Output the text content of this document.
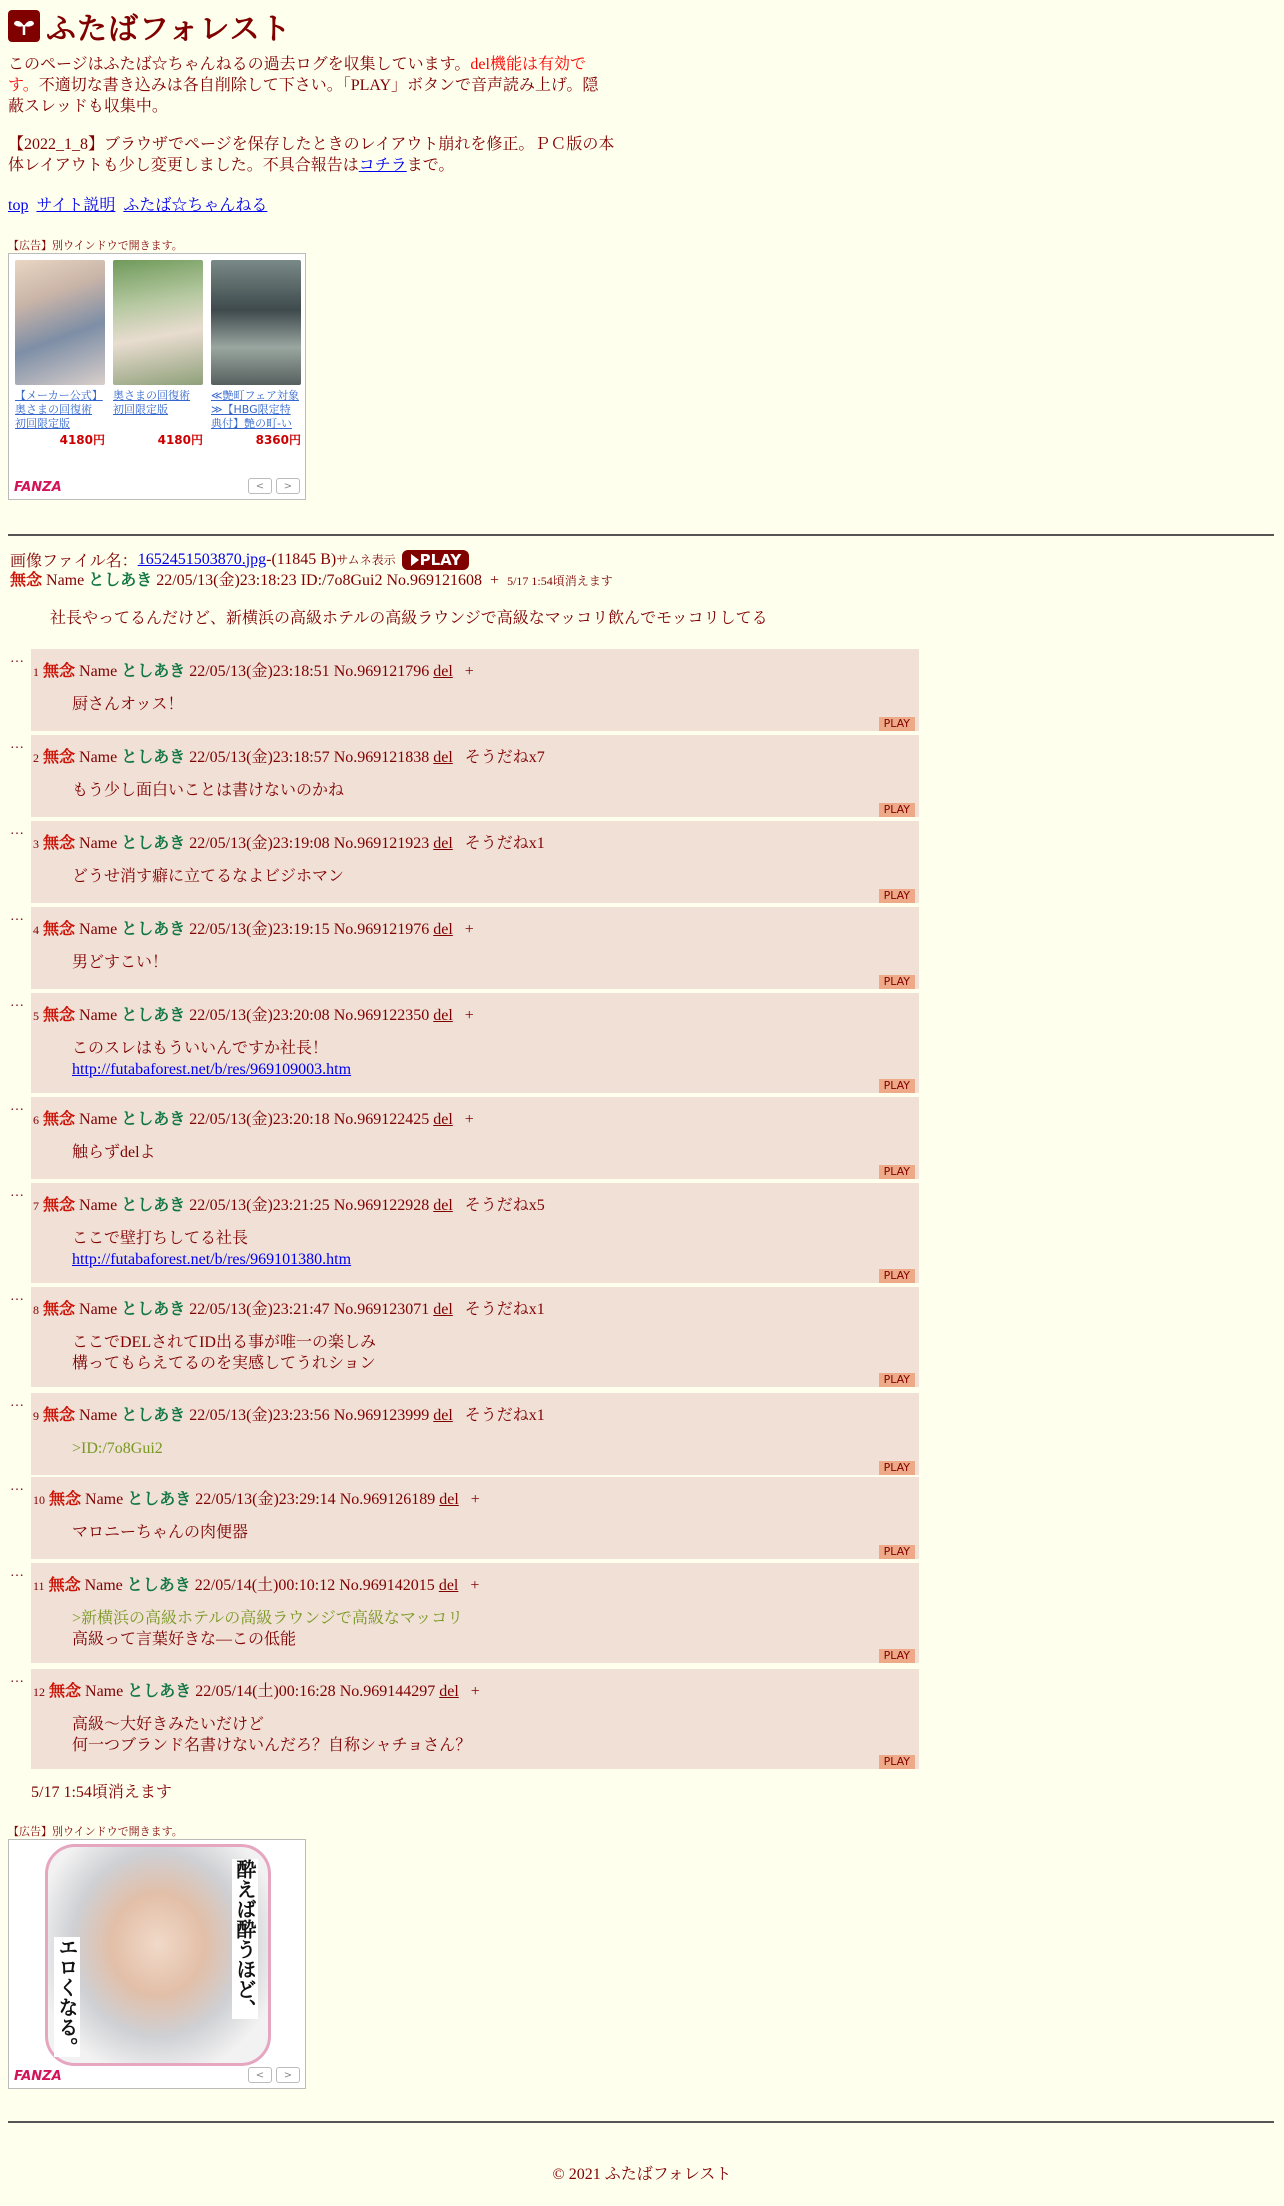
ふたばフォレスト
このページはふたば☆ちゃんねるの過去ログを収集しています。del機能は有効です。不適切な書き込みは各自削除して下さい。「PLAY」ボタンで音声読み上げ。隠蔽スレッドも収集中。
【2022_1_8】ブラウザでページを保存したときのレイアウト崩れを修正。ＰＣ版の本体レイアウトも少し変更しました。不具合報告はコチラまで。
top サイト説明 ふたば☆ちゃんねる
【広告】別ウインドウで開きます。
【メーカー公式】奥さまの回復術 初回限定版
4180円
奥さまの回復術 初回限定版
4180円
≪艶町フェア対象≫【HBG限定特典付】艶の町-い
8360円
FANZA	<	>
画像ファイル名： 1652451503870.jpg -(11845 B) サムネ表示 PLAY
無念 Name としあき 22/05/13(金)23:18:23 ID:/7o8Gui2 No.969121608 + 5/17 1:54頃消えます
社長やってるんだけど、新横浜の高級ホテルの高級ラウンジで高級なマッコリ飲んでモッコリしてる
…
1 無念 Name としあき 22/05/13(金)23:18:51 No.969121796 del +
厨さんオッス！
PLAY
…
2 無念 Name としあき 22/05/13(金)23:18:57 No.969121838 del そうだねx7
もう少し面白いことは書けないのかね
PLAY
…
3 無念 Name としあき 22/05/13(金)23:19:08 No.969121923 del そうだねx1
どうせ消す癖に立てるなよビジホマン
PLAY
…
4 無念 Name としあき 22/05/13(金)23:19:15 No.969121976 del +
男どすこい！
PLAY
…
5 無念 Name としあき 22/05/13(金)23:20:08 No.969122350 del +
このスレはもういいんですか社長！
http://futabaforest.net/b/res/969109003.htm
PLAY
…
6 無念 Name としあき 22/05/13(金)23:20:18 No.969122425 del +
触らずdelよ
PLAY
…
7 無念 Name としあき 22/05/13(金)23:21:25 No.969122928 del そうだねx5
ここで壁打ちしてる社長
http://futabaforest.net/b/res/969101380.htm
PLAY
…
8 無念 Name としあき 22/05/13(金)23:21:47 No.969123071 del そうだねx1
ここでDELされてID出る事が唯一の楽しみ
構ってもらえてるのを実感してうれション
PLAY
…
9 無念 Name としあき 22/05/13(金)23:23:56 No.969123999 del そうだねx1
>ID:/7o8Gui2
PLAY
…
10 無念 Name としあき 22/05/13(金)23:29:14 No.969126189 del +
マロニーちゃんの肉便器
PLAY
…
11 無念 Name としあき 22/05/14(土)00:10:12 No.969142015 del +
>新横浜の高級ホテルの高級ラウンジで高級なマッコリ
高級って言葉好きな―この低能
PLAY
…
12 無念 Name としあき 22/05/14(土)00:16:28 No.969144297 del +
高級〜大好きみたいだけど
何一つブランド名書けないんだろ？自称シャチョさん？
PLAY
5/17 1:54頃消えます
【広告】別ウインドウで開きます。
酔えば酔うほど、
エロくなる。
FANZA	<	>
© 2021 ふたばフォレスト
